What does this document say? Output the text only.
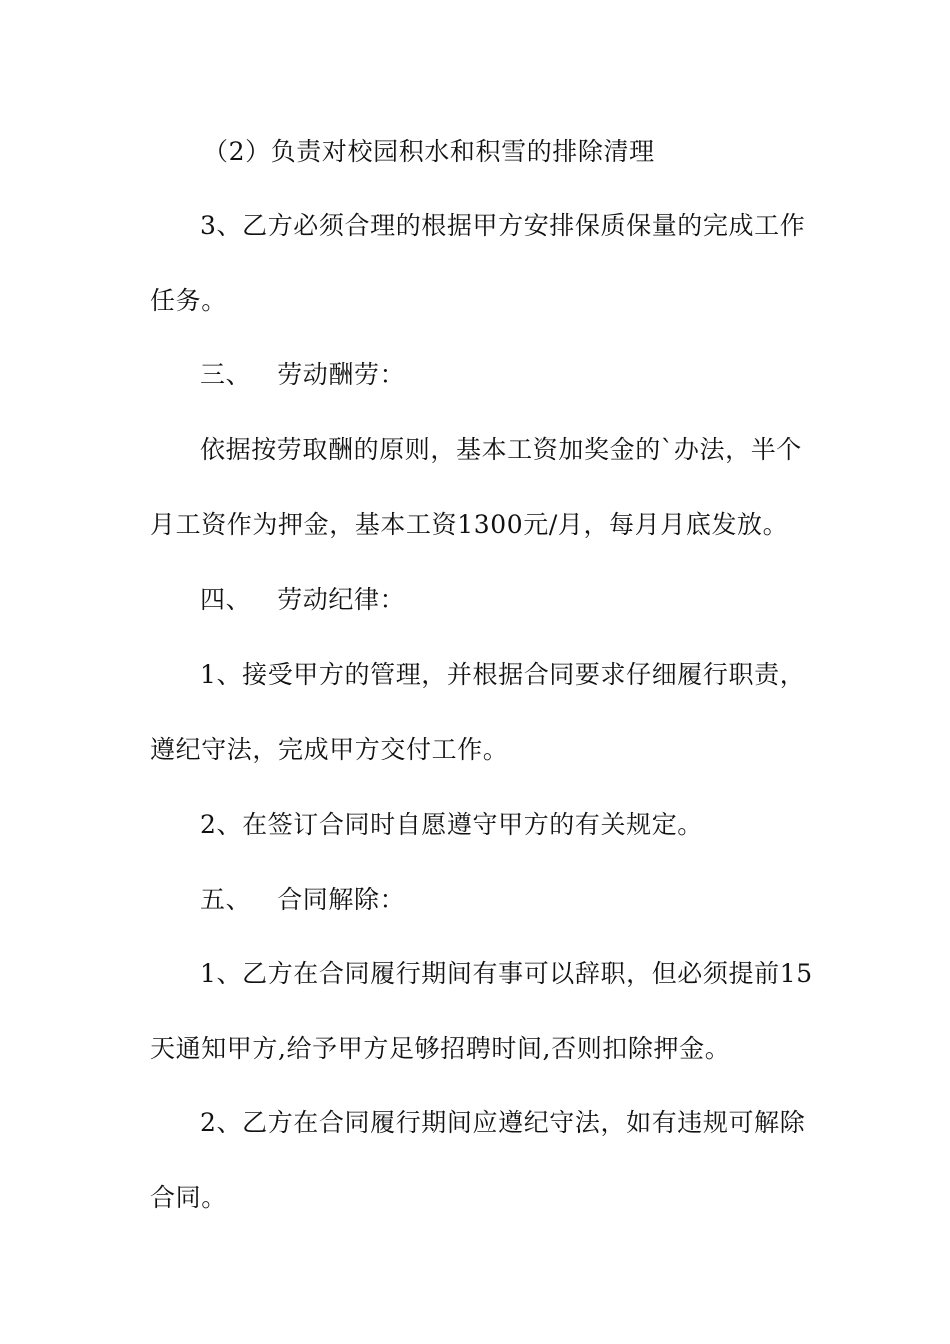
（2）负责对校园积水和积雪的排除清理

3、乙方必须合理的根据甲方安排保质保量的完成工作

任务。

三、 劳动酬劳：

依据按劳取酬的原则，基本工资加奖金的`办法，半个

月工资作为押金，基本工资1300元/月，每月月底发放。

四、 劳动纪律：

1、接受甲方的管理，并根据合同要求仔细履行职责，

遵纪守法，完成甲方交付工作。

2、在签订合同时自愿遵守甲方的有关规定。

五、 合同解除：

1、乙方在合同履行期间有事可以辞职，但必须提前15

天通知甲方,给予甲方足够招聘时间,否则扣除押金。

2、乙方在合同履行期间应遵纪守法，如有违规可解除

合同。
